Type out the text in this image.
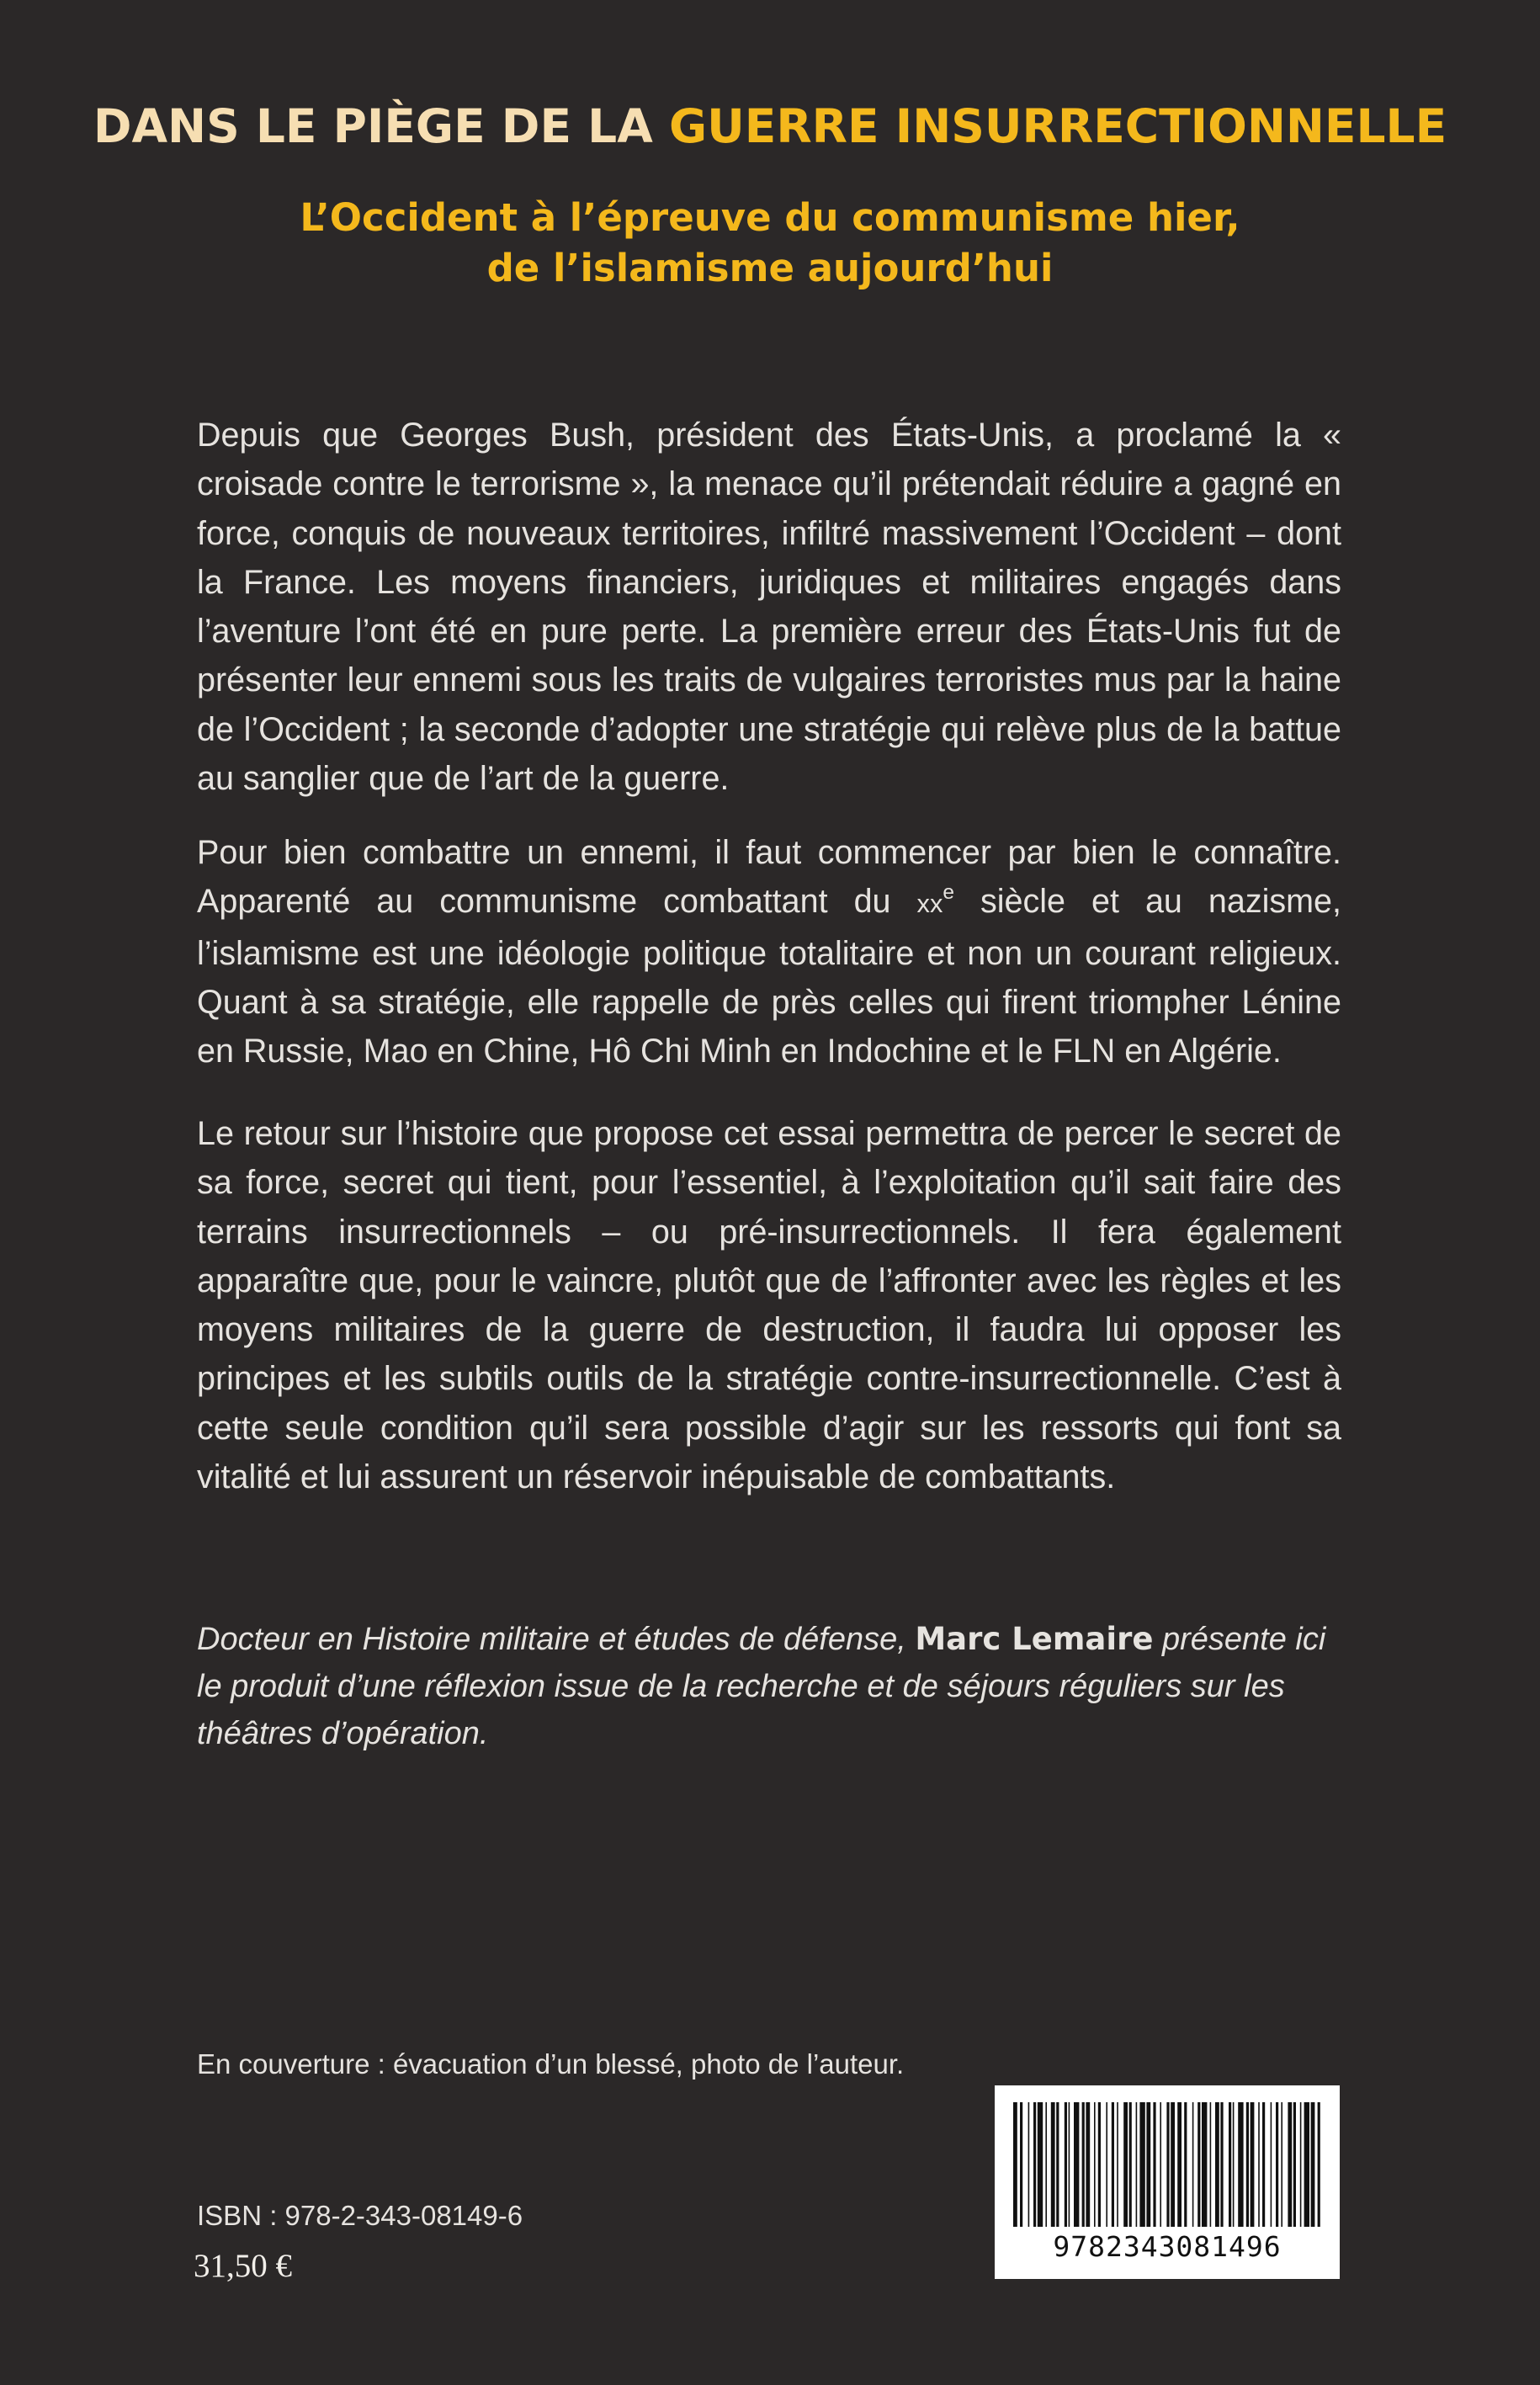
DANS LE PIÈGE DE LA GUERRE INSURRECTIONNELLE
L’Occident à l’épreuve du communisme hier,
de l’islamisme aujourd’hui

Depuis que Georges Bush, président des États-Unis, a proclamé la « croisade contre le terrorisme », la menace qu’il prétendait réduire a gagné en force, conquis de nouveaux territoires, infiltré massivement l’Occident – dont la France. Les moyens financiers, juridiques et militaires engagés dans l’aventure l’ont été en pure perte. La première erreur des États-Unis fut de présenter leur ennemi sous les traits de vulgaires terroristes mus par la haine de l’Occident ; la seconde d’adopter une stratégie qui relève plus de la battue au sanglier que de l’art de la guerre.

Pour bien combattre un ennemi, il faut commencer par bien le connaître. Apparenté au communisme combattant du $xx^e$ siècle et au nazisme, l’islamisme est une idéologie politique totalitaire et non un courant religieux. Quant à sa stratégie, elle rappelle de près celles qui firent triompher Lénine en Russie, Mao en Chine, Hô Chi Minh en Indochine et le FLN en Algérie.

Le retour sur l’histoire que propose cet essai permettra de percer le secret de sa force, secret qui tient, pour l’essentiel, à l’exploitation qu’il sait faire des terrains insurrectionnels – ou pré-insurrectionnels. Il fera également apparaître que, pour le vaincre, plutôt que de l’affronter avec les règles et les moyens militaires de la guerre de destruction, il faudra lui opposer les principes et les subtils outils de la stratégie contre-insurrectionnelle. C’est à cette seule condition qu’il sera possible d’agir sur les ressorts qui font sa vitalité et lui assurent un réservoir inépuisable de combattants.

Docteur en Histoire militaire et études de défense, Marc Lemaire présente ici le produit d’une réflexion issue de la recherche et de séjours réguliers sur les théâtres d’opération.

En couverture : évacuation d’un blessé, photo de l’auteur.
ISBN : 978-2-343-08149-6
31,50 €
9782343081496
